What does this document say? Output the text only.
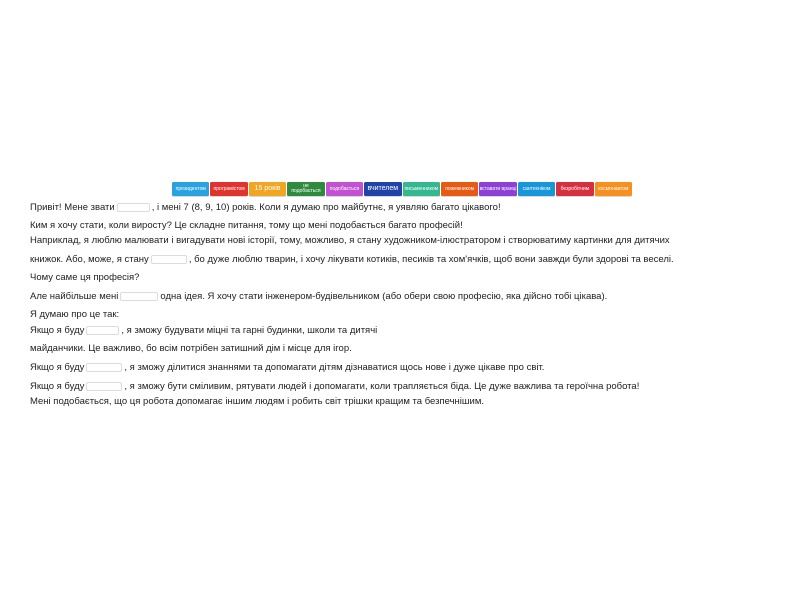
президентом	програмістом	15 років	не подобається	подобається	вчителем	письменником	пожежником	вставати вранці	сантехніком	безробітним	космонавтом
Привіт! Мене звати	, і мені 7 (8, 9, 10) років. Коли я думаю про майбутнє, я уявляю багато цікавого!
Ким я хочу стати, коли виросту? Це складне питання, тому що мені подобається багато професій!
Наприклад, я люблю малювати і вигадувати нові історії, тому, можливо, я стану художником-ілюстратором і створюватиму картинки для дитячих
книжок. Або, може, я стану	, бо дуже люблю тварин, і хочу лікувати котиків, песиків та хом'ячків, щоб вони завжди були здорові та веселі.
Чому саме ця професія?
Але найбільше мені	одна ідея. Я хочу стати інженером-будівельником (або обери свою професію, яка дійсно тобі цікава).
Я думаю про це так:
Якщо я буду	, я зможу будувати міцні та гарні будинки, школи та дитячі
майданчики. Це важливо, бо всім потрібен затишний дім і місце для ігор.
Якщо я буду	, я зможу ділитися знаннями та допомагати дітям дізнаватися щось нове і дуже цікаве про світ.
Якщо я буду	, я зможу бути сміливим, рятувати людей і допомагати, коли трапляється біда. Це дуже важлива та героїчна робота!
Мені подобається, що ця робота допомагає іншим людям і робить світ трішки кращим та безпечнішим.
